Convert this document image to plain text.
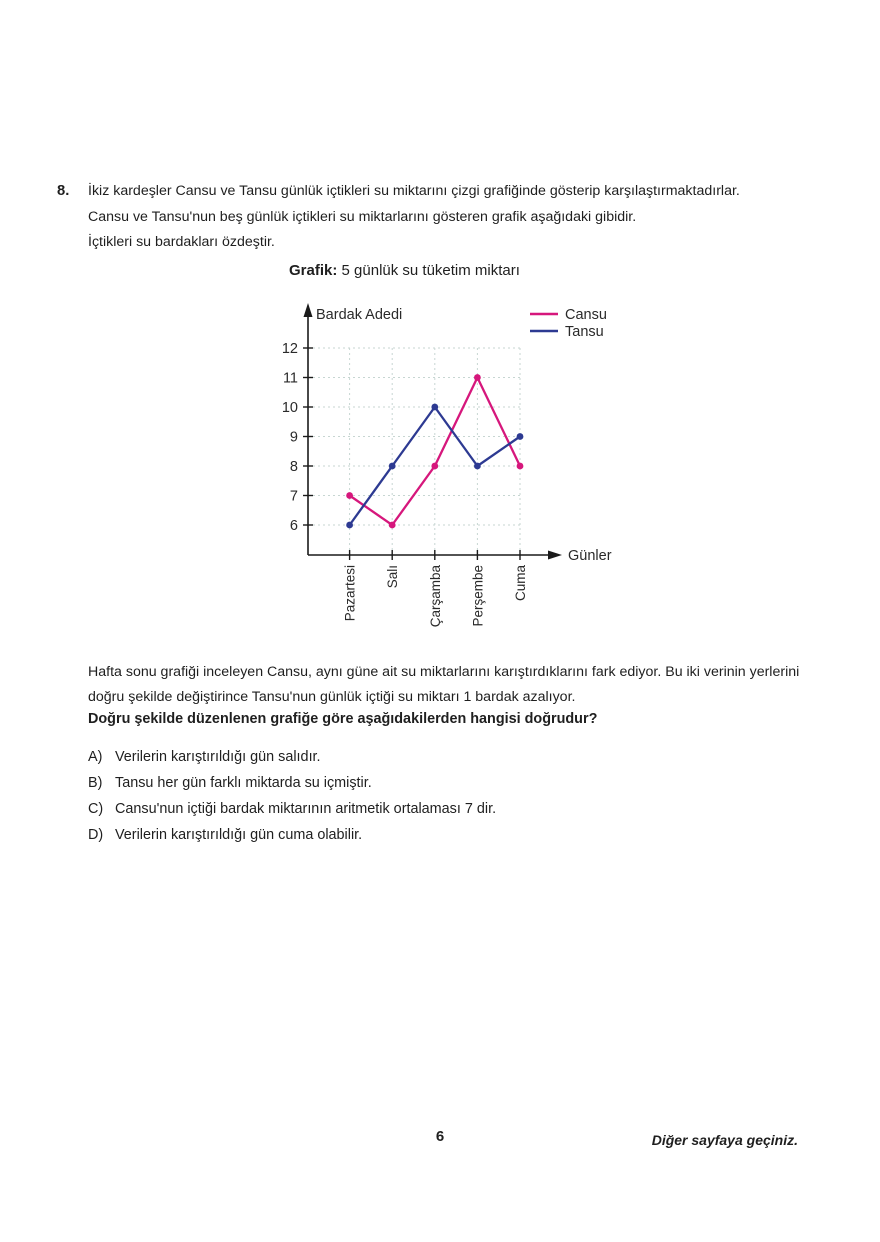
8. İkiz kardeşler Cansu ve Tansu günlük içtikleri su miktarını çizgi grafiğinde gösterip karşılaştırmaktadırlar.
Cansu ve Tansu'nun beş günlük içtikleri su miktarlarını gösteren grafik aşağıdaki gibidir.
İçtikleri su bardakları özdeştir.
Grafik: 5 günlük su tüketim miktarı
6
7
8
9
10
11
12
Pazartesi Salı Çarşamba Perşembe Cuma
Bardak Adedi
Günler
Cansu
Tansu
Hafta sonu grafiği inceleyen Cansu, aynı güne ait su miktarlarını karıştırdıklarını fark ediyor. Bu iki verinin yerlerini doğru şekilde değiştirince Tansu'nun günlük içtiği su miktarı 1 bardak azalıyor.
Doğru şekilde düzenlenen grafiğe göre aşağıdakilerden hangisi doğrudur?
A) Verilerin karıştırıldığı gün salıdır.
B) Tansu her gün farklı miktarda su içmiştir.
C) Cansu'nun içtiği bardak miktarının aritmetik ortalaması 7 dir.
D) Verilerin karıştırıldığı gün cuma olabilir.
6	Diğer sayfaya geçiniz.
